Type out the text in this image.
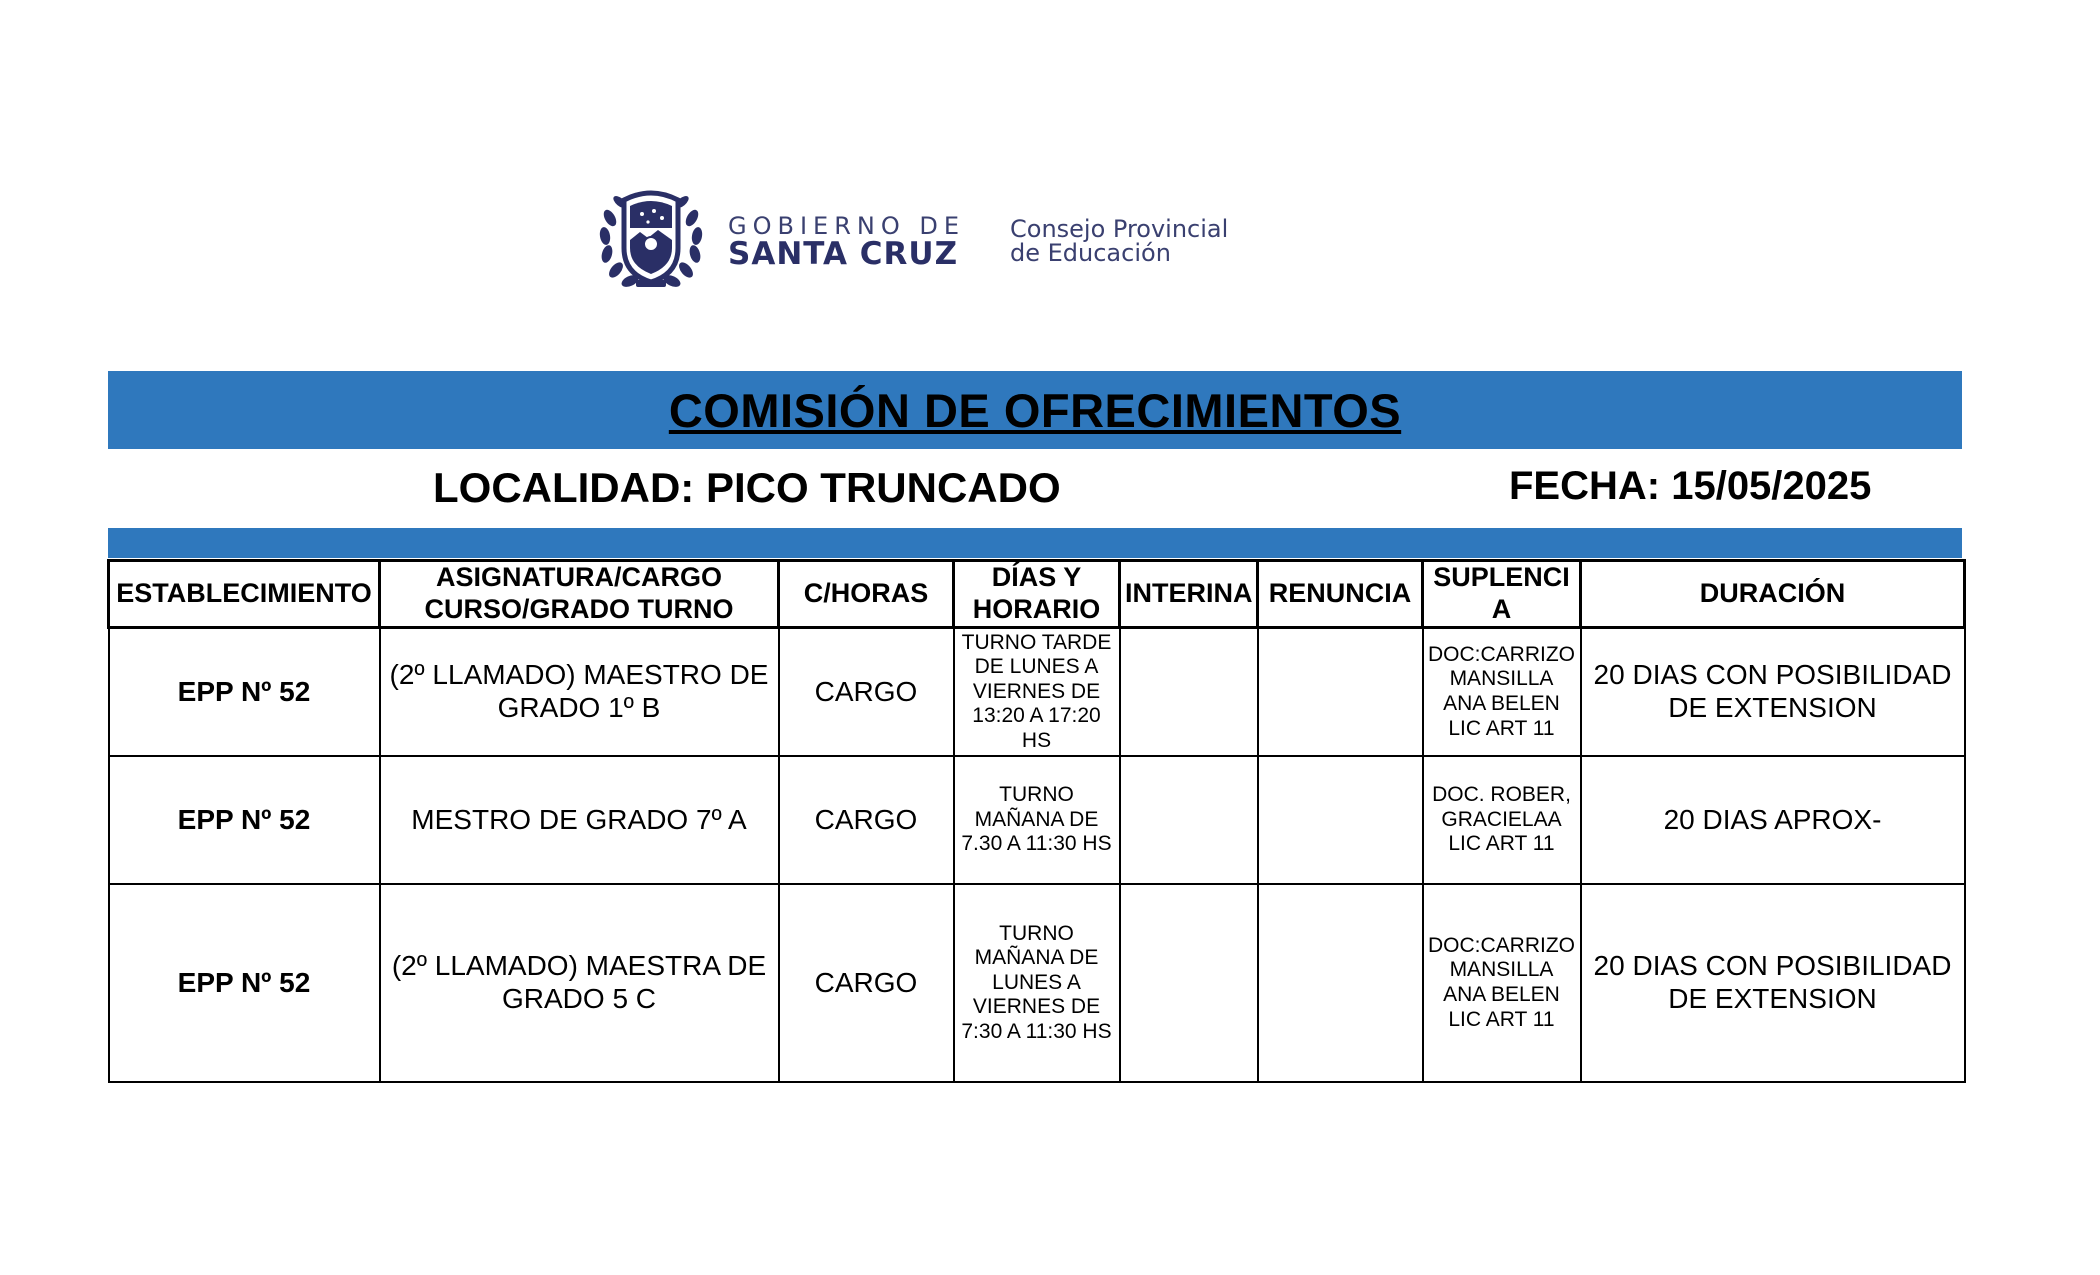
GOBIERNO DE
SANTA CRUZ
Consejo Provincial
de Educación
COMISIÓN DE OFRECIMIENTOS
LOCALIDAD: PICO TRUNCADO	FECHA: 15/05/2025
ESTABLECIMIENTO	ASIGNATURA/CARGO CURSO/GRADO TURNO	C/HORAS	DÍAS Y HORARIO	INTERINA	RENUNCIA	SUPLENCI A	DURACIÓN
EPP Nº 52	(2º LLAMADO) MAESTRO DE GRADO 1º B	CARGO	TURNO TARDE DE LUNES A VIERNES DE 13:20 A 17:20 HS			DOC:CARRIZO MANSILLA ANA BELEN LIC ART 11	20 DIAS CON POSIBILIDAD DE EXTENSION
EPP Nº 52	MESTRO DE GRADO 7º A	CARGO	TURNO MAÑANA DE 7.30 A 11:30 HS			DOC. ROBER, GRACIELAA LIC ART 11	20 DIAS APROX-
EPP Nº 52	(2º LLAMADO) MAESTRA DE GRADO 5 C	CARGO	TURNO MAÑANA DE LUNES A VIERNES DE 7:30 A 11:30 HS			DOC:CARRIZO MANSILLA ANA BELEN LIC ART 11	20 DIAS CON POSIBILIDAD DE EXTENSION
